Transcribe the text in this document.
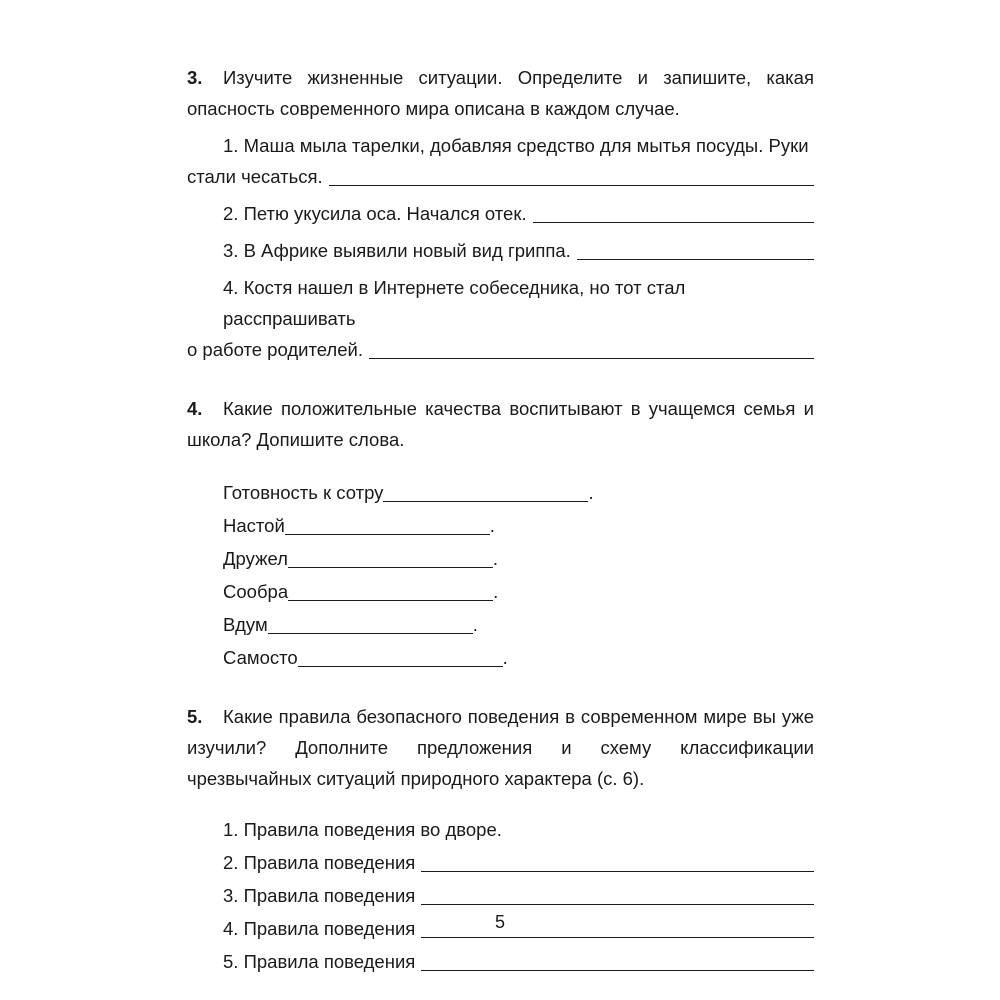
3. Изучите жизненные ситуации. Определите и запишите, какая опасность современного мира описана в каждом случае.
1. Маша мыла тарелки, добавляя средство для мытья посуды. Руки
стали чесаться.
2. Петю укусила оса. Начался отек.
3. В Африке выявили новый вид гриппа.
4. Костя нашел в Интернете собеседника, но тот стал расспрашивать
о работе родителей.
4. Какие положительные качества воспитывают в учащемся семья и школа? Допишите слова.
Готовность к сотру	.
Настой	.
Дружел	.
Сообра	.
Вдум	.
Самосто	.
5. Какие правила безопасного поведения в современном мире вы уже изучили? Дополните предложения и схему классификации чрезвычайных ситуаций природного характера (с. 6).
1. Правила поведения во дворе.
2. Правила поведения
3. Правила поведения
4. Правила поведения
5. Правила поведения
5
